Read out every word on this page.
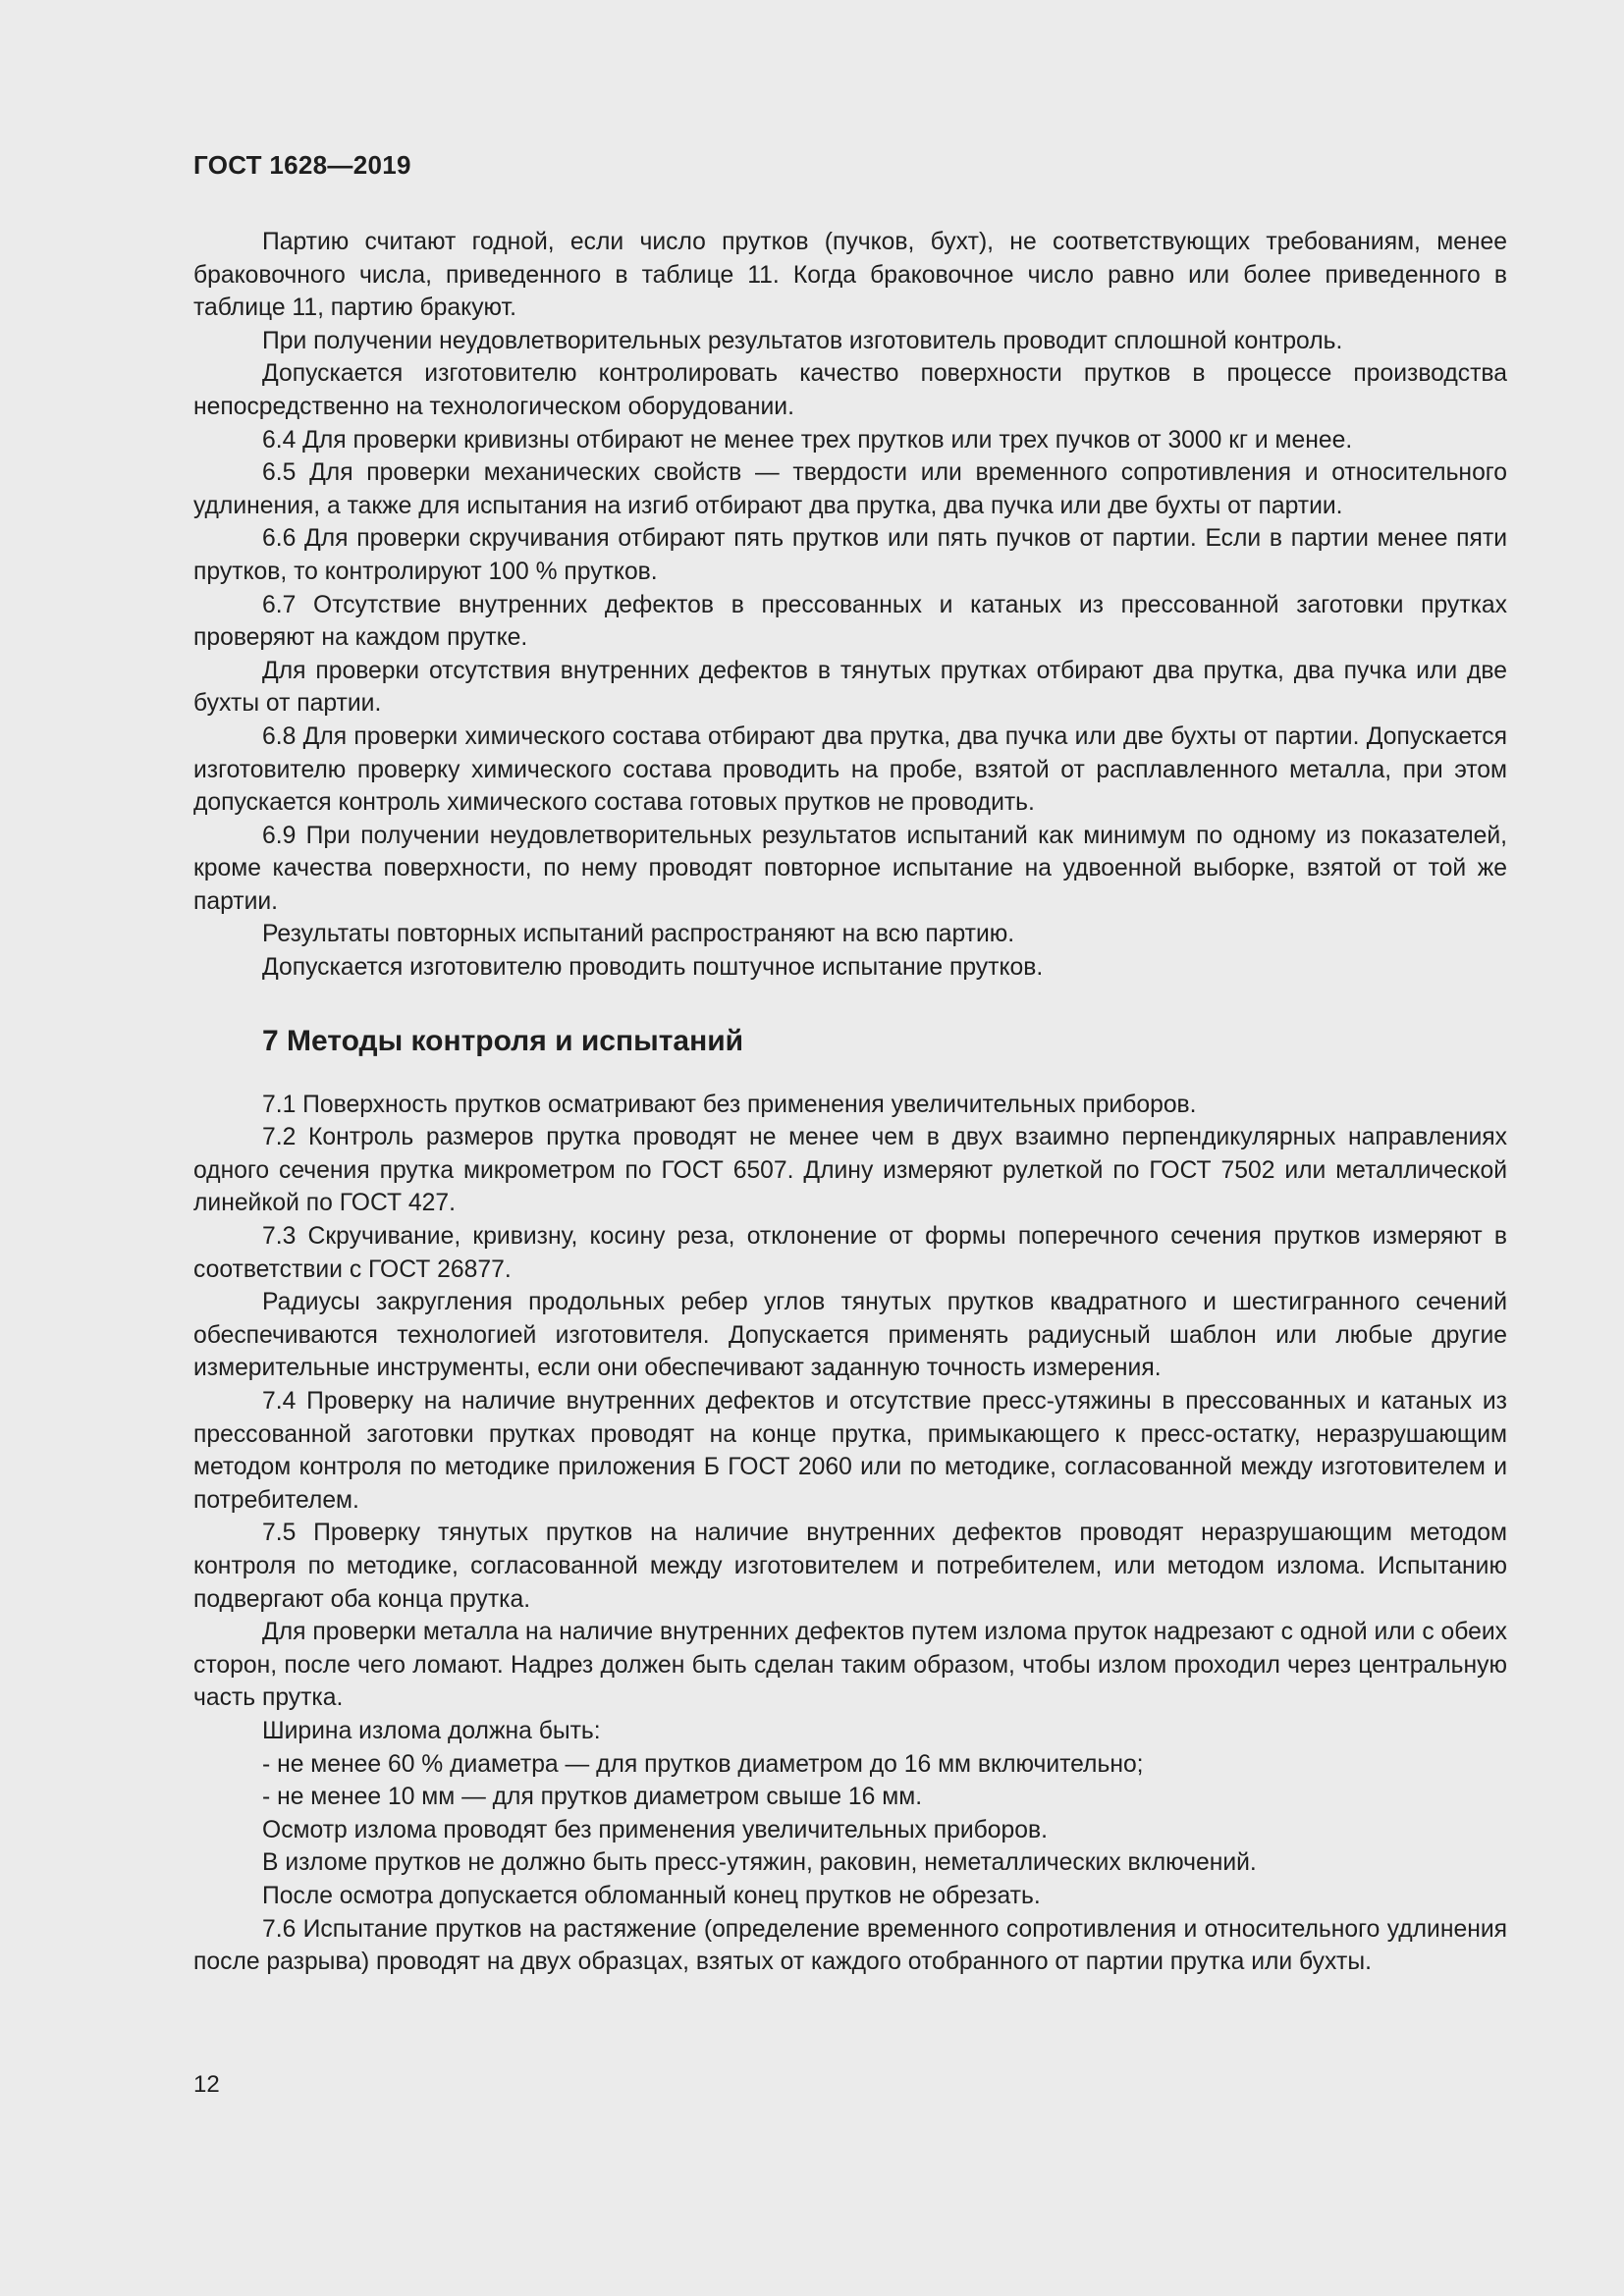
ГОСТ 1628—2019

Партию считают годной, если число прутков (пучков, бухт), не соответствующих требованиям, менее браковочного числа, приведенного в таблице 11. Когда браковочное число равно или более приведенного в таблице 11, партию бракуют.

При получении неудовлетворительных результатов изготовитель проводит сплошной контроль.

Допускается изготовителю контролировать качество поверхности прутков в процессе производства непосредственно на технологическом оборудовании.

6.4 Для проверки кривизны отбирают не менее трех прутков или трех пучков от 3000 кг и менее.

6.5 Для проверки механических свойств — твердости или временного сопротивления и относительного удлинения, а также для испытания на изгиб отбирают два прутка, два пучка или две бухты от партии.

6.6 Для проверки скручивания отбирают пять прутков или пять пучков от партии. Если в партии менее пяти прутков, то контролируют 100 % прутков.

6.7 Отсутствие внутренних дефектов в прессованных и катаных из прессованной заготовки прутках проверяют на каждом прутке.

Для проверки отсутствия внутренних дефектов в тянутых прутках отбирают два прутка, два пучка или две бухты от партии.

6.8 Для проверки химического состава отбирают два прутка, два пучка или две бухты от партии. Допускается изготовителю проверку химического состава проводить на пробе, взятой от расплавленного металла, при этом допускается контроль химического состава готовых прутков не проводить.

6.9 При получении неудовлетворительных результатов испытаний как минимум по одному из показателей, кроме качества поверхности, по нему проводят повторное испытание на удвоенной выборке, взятой от той же партии.

Результаты повторных испытаний распространяют на всю партию.

Допускается изготовителю проводить поштучное испытание прутков.

7 Методы контроля и испытаний

7.1 Поверхность прутков осматривают без применения увеличительных приборов.

7.2 Контроль размеров прутка проводят не менее чем в двух взаимно перпендикулярных направлениях одного сечения прутка микрометром по ГОСТ 6507. Длину измеряют рулеткой по ГОСТ 7502 или металлической линейкой по ГОСТ 427.

7.3 Скручивание, кривизну, косину реза, отклонение от формы поперечного сечения прутков измеряют в соответствии с ГОСТ 26877.

Радиусы закругления продольных ребер углов тянутых прутков квадратного и шестигранного сечений обеспечиваются технологией изготовителя. Допускается применять радиусный шаблон или любые другие измерительные инструменты, если они обеспечивают заданную точность измерения.

7.4 Проверку на наличие внутренних дефектов и отсутствие пресс-утяжины в прессованных и катаных из прессованной заготовки прутках проводят на конце прутка, примыкающего к пресс-остатку, неразрушающим методом контроля по методике приложения Б ГОСТ 2060 или по методике, согласованной между изготовителем и потребителем.

7.5 Проверку тянутых прутков на наличие внутренних дефектов проводят неразрушающим методом контроля по методике, согласованной между изготовителем и потребителем, или методом излома. Испытанию подвергают оба конца прутка.

Для проверки металла на наличие внутренних дефектов путем излома пруток надрезают с одной или с обеих сторон, после чего ломают. Надрез должен быть сделан таким образом, чтобы излом проходил через центральную часть прутка.

Ширина излома должна быть:

- не менее 60 % диаметра — для прутков диаметром до 16 мм включительно;

- не менее 10 мм — для прутков диаметром свыше 16 мм.

Осмотр излома проводят без применения увеличительных приборов.

В изломе прутков не должно быть пресс-утяжин, раковин, неметаллических включений.

После осмотра допускается обломанный конец прутков не обрезать.

7.6 Испытание прутков на растяжение (определение временного сопротивления и относительного удлинения после разрыва) проводят на двух образцах, взятых от каждого отобранного от партии прутка или бухты.

12
